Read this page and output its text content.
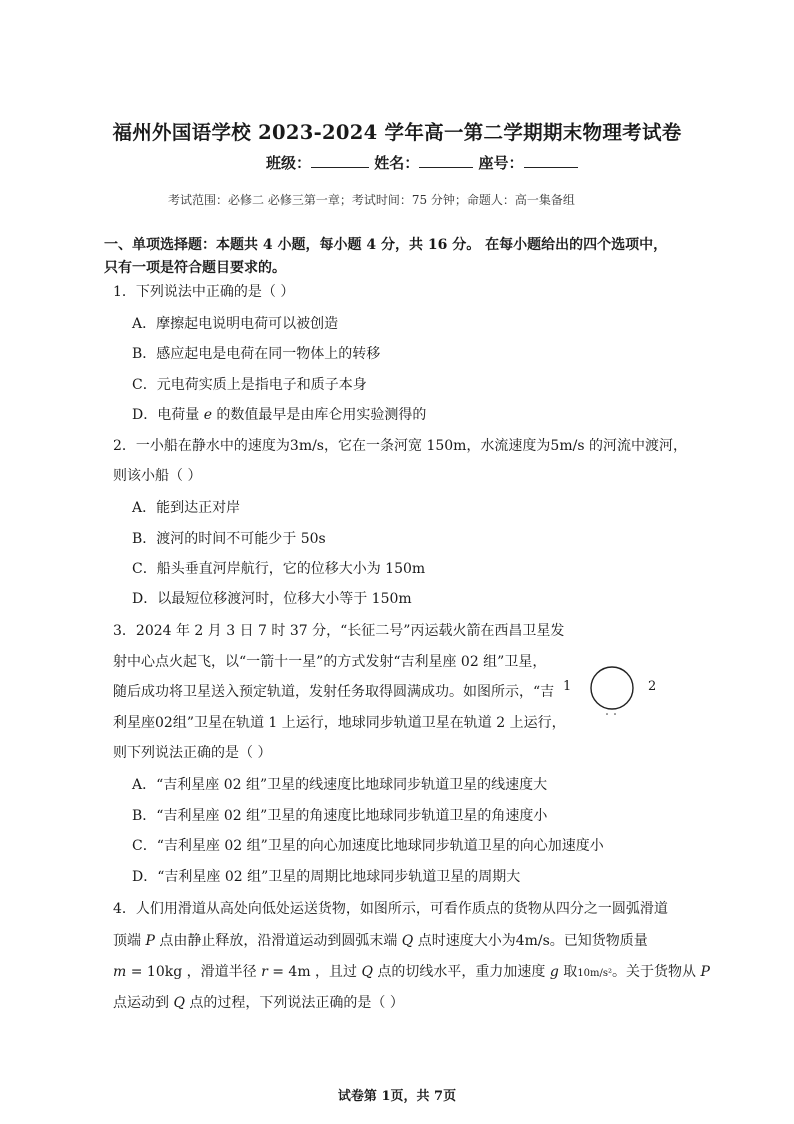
福州外国语学校 2023-2024 学年高一第二学期期末物理考试卷
班级：	姓名：	座号：
考试范围：必修二 必修三第一章；考试时间：75 分钟；命题人：高一集备组
一、单项选择题：本题共 4 小题，每小题 4 分，共 16 分。 在每小题给出的四个选项中，
只有一项是符合题目要求的。
1．下列说法中正确的是（ ）
A．摩擦起电说明电荷可以被创造
B．感应起电是电荷在同一物体上的转移
C．元电荷实质上是指电子和质子本身
D．电荷量 e 的数值最早是由库仑用实验测得的
2．一小船在静水中的速度为3m/s，它在一条河宽 150m，水流速度为5m/s 的河流中渡河，
则该小船（ ）
A．能到达正对岸
B．渡河的时间不可能少于 50s
C．船头垂直河岸航行，它的位移大小为 150m
D．以最短位移渡河时，位移大小等于 150m
3．2024 年 2 月 3 日 7 时 37 分，“长征二号”丙运载火箭在西昌卫星发
射中心点火起飞，以“一箭十一星”的方式发射“吉利星座 02 组”卫星，
随后成功将卫星送入预定轨道，发射任务取得圆满成功。如图所示，“吉
利星座02组”卫星在轨道 1 上运行，地球同步轨道卫星在轨道 2 上运行，
则下列说法正确的是（ ）
1	2
A．“吉利星座 02 组”卫星的线速度比地球同步轨道卫星的线速度大
B．“吉利星座 02 组”卫星的角速度比地球同步轨道卫星的角速度小
C．“吉利星座 02 组”卫星的向心加速度比地球同步轨道卫星的向心加速度小
D．“吉利星座 02 组”卫星的周期比地球同步轨道卫星的周期大
4．人们用滑道从高处向低处运送货物，如图所示，可看作质点的货物从四分之一圆弧滑道
顶端 P 点由静止释放，沿滑道运动到圆弧末端 Q 点时速度大小为4m/s。已知货物质量
m = 10kg ，滑道半径 r = 4m ，且过 Q 点的切线水平，重力加速度 g 取10m/s²。关于货物从 P
点运动到 Q 点的过程，下列说法正确的是（ ）
试卷第 1页，共 7页
